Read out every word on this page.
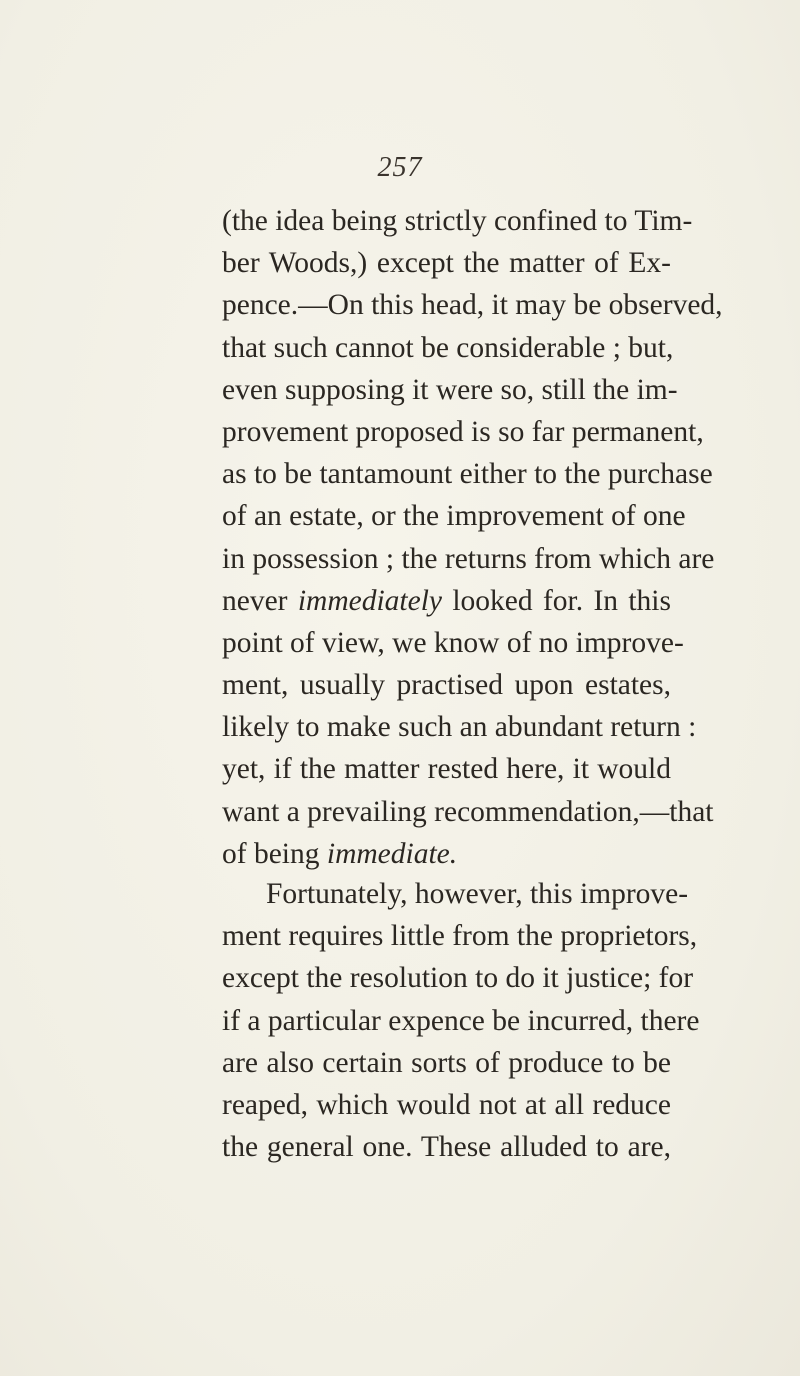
257
(the idea being strictly confined to Tim-
ber Woods,) except the matter of Ex-
pence.—On this head, it may be observed,
that such cannot be considerable ; but,
even supposing it were so, still the im-
provement proposed is so far permanent,
as to be tantamount either to the purchase
of an estate, or the improvement of one
in possession ; the returns from which are
never immediately looked for. In this
point of view, we know of no improve-
ment, usually practised upon estates,
likely to make such an abundant return :
yet, if the matter rested here, it would
want a prevailing recommendation,—that
of being immediate.
Fortunately, however, this improve-
ment requires little from the proprietors,
except the resolution to do it justice; for
if a particular expence be incurred, there
are also certain sorts of produce to be
reaped, which would not at all reduce
the general one. These alluded to are,
